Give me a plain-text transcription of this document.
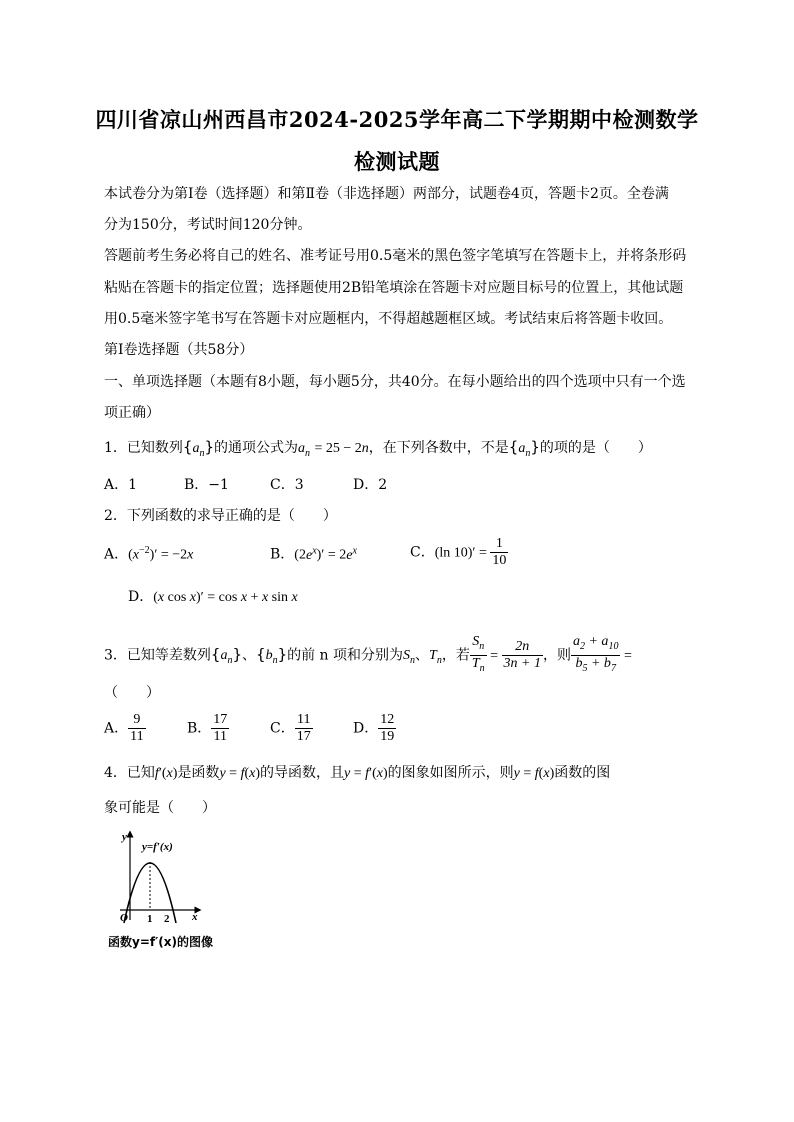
四川省凉山州西昌市2024-2025学年高二下学期期中检测数学
检测试题
本试卷分为第Ⅰ卷（选择题）和第Ⅱ卷（非选择题）两部分，试题卷4页，答题卡2页。全卷满
分为150分，考试时间120分钟。
答题前考生务必将自己的姓名、准考证号用0.5毫米的黑色签字笔填写在答题卡上，并将条形码
粘贴在答题卡的指定位置；选择题使用2B铅笔填涂在答题卡对应题目标号的位置上，其他试题
用0.5毫米签字笔书写在答题卡对应题框内，不得超越题框区域。考试结束后将答题卡收回。
第Ⅰ卷选择题（共58分）
一、单项选择题（本题有8小题，每小题5分，共40分。在每小题给出的四个选项中只有一个选
项正确）
1．已知数列$\{a_n\}$的通项公式为$a_n = 25 - 2n$，在下列各数中，不是$\{a_n\}$的项的是（　　）
A．1	B．−1	C．3	D．2
2．下列函数的求导正确的是（　　）
A．$(x^{-2})' = -2x$	B．$(2e^x)' = 2e^x$	C．(ln $10)' = \frac{1}{10}$
D．(x cos x)′ = cos x + x sin x
3．已知等差数列$\{a_n\}$、$\{b_n\}$的前 n 项和分别为$S_n$、$T_n$，若 $\frac{S_n}{T_n} = \frac{2n}{3n + 1}$ ，则 $\frac{a_2 + a_{10}}{b_5 + b_7}$ =
（　　）
A． $\frac{9}{11}$	B． $\frac{17}{11}$	C． $\frac{11}{17}$	D． $\frac{12}{19}$
4．已知f′(x)是函数y = f(x)的导函数，且y = f′(x)的图象如图所示，则y = f(x)函数的图
象可能是（　　）
y
x
O 1 2
y=f′(x)
函数y=f′(x)的图像
